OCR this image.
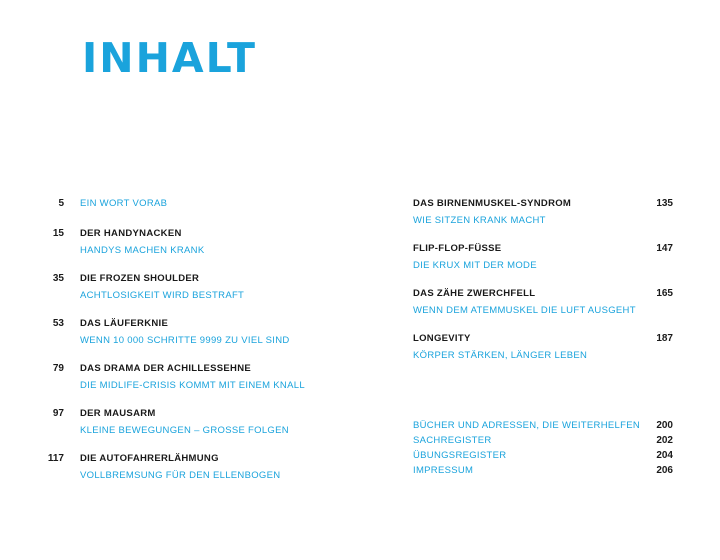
INHALT
5 EIN WORT VORAB
15 DER HANDYNACKEN
HANDYS MACHEN KRANK
35 DIE FROZEN SHOULDER
ACHTLOSIGKEIT WIRD BESTRAFT
53 DAS LÄUFERKNIE
WENN 10 000 SCHRITTE 9999 ZU VIEL SIND
79 DAS DRAMA DER ACHILLESSEHNE
DIE MIDLIFE-CRISIS KOMMT MIT EINEM KNALL
97 DER MAUSARM
KLEINE BEWEGUNGEN – GROSSE FOLGEN
117 DIE AUTOFAHRERLÄHMUNG
VOLLBREMSUNG FÜR DEN ELLENBOGEN
DAS BIRNENMUSKEL-SYNDROM	135
WIE SITZEN KRANK MACHT
FLIP-FLOP-FÜSSE	147
DIE KRUX MIT DER MODE
DAS ZÄHE ZWERCHFELL	165
WENN DEM ATEMMUSKEL DIE LUFT AUSGEHT
LONGEVITY	187
KÖRPER STÄRKEN, LÄNGER LEBEN
BÜCHER UND ADRESSEN, DIE WEITERHELFEN 200
SACHREGISTER	202
ÜBUNGSREGISTER	204
IMPRESSUM	206
